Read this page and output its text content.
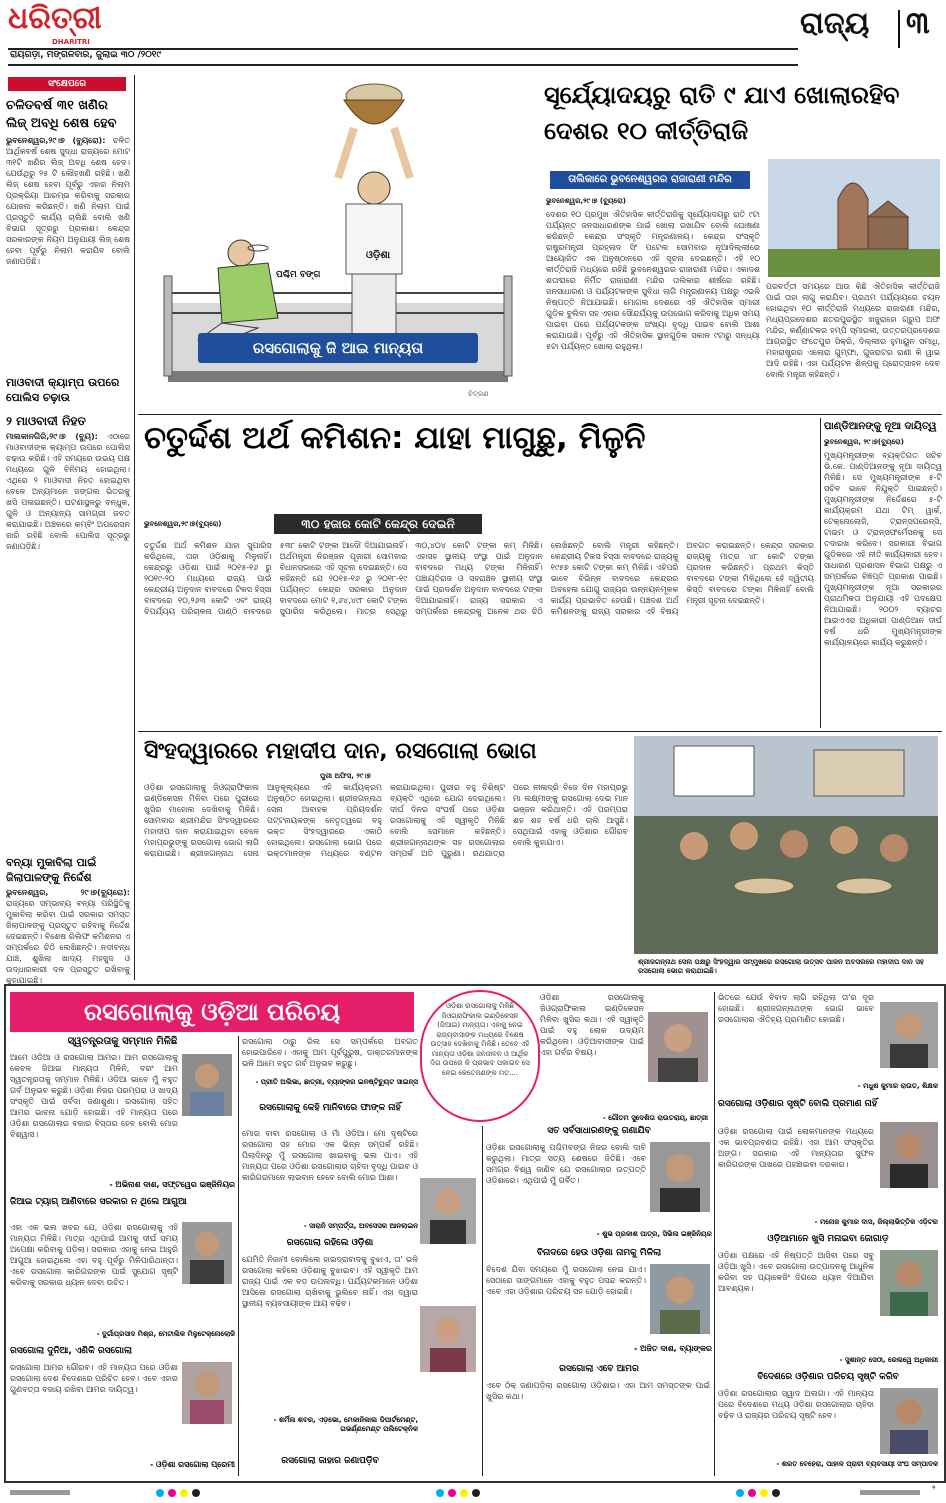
ଧରିତ୍ରୀ
DHARITRI
ରାୟଗଡ଼ା, ମଙ୍ଗଳବାର, ଜୁଲାଇ ୩୦ /୨୦୧୯
ରାଜ୍ୟ ୩
ସଂକ୍ଷେପରେ
ଚଳିତବର୍ଷ ୩୧ ଖଣିର ଲିଜ୍ ଅବଧି ଶେଷ ହେବ
ଭୁବନେଶ୍ୱର,୨୯।୭ (ବ୍ୟୁରୋ): ଚଳିତ ଆର୍ଥିକବର୍ଷ ଶେଷ ସୁଦ୍ଧା ରାଜ୍ୟରେ ମୋଟ ୩୧ଟି ଖଣିର ଲିଜ୍ ଅବଧି ଶେଷ ହେବ। ଯେଉଁଥିରୁ ୨୫ ଟି ଲୌହଖଣି ରହିଛି। ଖଣି ଲିଜ୍ ଶେଷ ହେବା ପୂର୍ବରୁ ଏହାର ନିଲାମ ପ୍ରକ୍ରିୟା ଆରମ୍ଭ କରିବାକୁ ସରକାର ଯୋଜନା କରିଛନ୍ତି। ଖଣି ନିଲାମ ପାଇଁ ପ୍ରସ୍ତୁତି କାର୍ଯ୍ୟ ଚାଲିଛି ବୋଲି ଖଣି ବିଭାଗ ସୂତ୍ରରୁ ପ୍ରକାଶ। କେନ୍ଦ୍ର ସରକାରଙ୍କ ନିୟମ ଅନୁଯାୟୀ ଲିଜ୍ ଶେଷ ହେବା ପୂର୍ବରୁ ନିଲାମ କରାଯିବ ବୋଲି ଜଣାପଡ଼ିଛି।
ମାଓବାଦୀ କ୍ୟାମ୍ପ ଉପରେ ପୋଲିସ ଚଢ଼ାଉ
୨ ମାଓବାଦୀ ନିହତ
ମାଲକାନଗିରି,୨୯।୭ (ବ୍ୟୁ): ଏଠାରେ ମାଓବାଦୀଙ୍କ କ୍ୟାମ୍ପ ଉପରେ ପୋଲିସ ଚଢ଼ାଉ କରିଛି। ଏହି ସମୟରେ ଉଭୟ ପକ୍ଷ ମଧ୍ୟରେ ଗୁଳି ବିନିମୟ ହୋଇଥିଲା। ଏଥିରେ ୨ ମାଓବାଦୀ ନିହତ ହୋଇଥିବା ବେଳେ ଅନ୍ୟମାନେ ଜଙ୍ଗଲ ଭିତରକୁ ଖସି ପଳାଇଛନ୍ତି। ଘଟଣାସ୍ଥଳରୁ ବନ୍ଧୁକ, ଗୁଳି ଓ ଅନ୍ୟାନ୍ୟ ସାମଗ୍ରୀ ଜବତ କରାଯାଇଛି। ଅଞ୍ଚଳରେ କମ୍ବିଂ ଅପରେସନ ଜାରି ରହିଛି ବୋଲି ପୋଲିସ ସୂତ୍ରରୁ ଜଣାପଡ଼ିଛି।
ବନ୍ୟା ମୁକାବିଲା ପାଇଁ ଜିଲାପାଳଙ୍କୁ ନିର୍ଦ୍ଦେଶ
ଭୁବନେଶ୍ୱର, ୨୯।୭(ବ୍ୟୁରୋ): ରାଜ୍ୟରେ ସମ୍ଭାବ୍ୟ ବନ୍ୟା ପରିସ୍ଥିତିକୁ ମୁକାବିଲା କରିବା ପାଇଁ ସରକାର ସମସ୍ତ ଜିଲାପାଳଙ୍କୁ ପ୍ରସ୍ତୁତ ରହିବାକୁ ନିର୍ଦ୍ଦେଶ ଦେଇଛନ୍ତି। ବିଶେଷ ରିଲିଫ କମିଶନର ଏ ସମ୍ପର୍କରେ ଚିଠି ଲେଖିଛନ୍ତି। ନଦୀବନ୍ଧ ଯାଞ୍ଚ, ଶୁଖିଲା ଖାଦ୍ୟ ମହଜୁଦ ଓ ଉଦ୍ଧାରକାରୀ ଦଳ ପ୍ରସ୍ତୁତ ରଖିବାକୁ କୁହାଯାଇଛି।
ଓଡ଼ିଶା
ପଶ୍ଚିମ ବଙ୍ଗ
ରସଗୋଲାକୁ ଜି ଆଇ ମାନ୍ୟତା
ଚିତ୍ରଣ
ସୂର୍ଯ୍ୟୋଦୟରୁ ରାତି ୯ ଯାଏ ଖୋଲାରହିବ ଦେଶର ୧୦ କୀର୍ତ୍ତିରାଜି
ତାଲିକାରେ ଭୁବନେଶ୍ୱରର ରାଜାରାଣୀ ମନ୍ଦିର
ଭୁବନେଶ୍ୱର,୨୯।୭ (ବ୍ୟୁରୋ)
ଦେଶର ୧୦ ପ୍ରମୁଖ ଐତିହାସିକ କୀର୍ତ୍ତିରାଜିକୁ ସୂର୍ଯ୍ୟୋଦୟରୁ ରାତି ୯ଟା ପର୍ଯ୍ୟନ୍ତ ଜନସାଧାରଣଙ୍କ ପାଇଁ ଖୋଲା ରଖାଯିବ ବୋଲି ଘୋଷଣା କରିଛନ୍ତି କେନ୍ଦ୍ର ସଂସ୍କୃତି ମନ୍ତ୍ରଣାଳୟ। କେନ୍ଦ୍ର ସଂସ୍କୃତି ରାଷ୍ଟ୍ରମନ୍ତ୍ରୀ ପ୍ରହ୍ଲାଦ ସିଂ ପଟେଲ ସୋମବାର ନୂଆଦିଲ୍ଲୀରେ ଆୟୋଜିତ ଏକ ଅନୁଷ୍ଠାନରେ ଏହି ସୂଚନା ଦେଇଛନ୍ତି। ଏହି ୧୦ କୀର୍ତ୍ତିରାଜି ମଧ୍ୟରେ ରହିଛି ଭୁବନେଶ୍ୱରର ରାଜାରାଣୀ ମନ୍ଦିର। ଏକାଦଶ ଶତାବ୍ଦୀରେ ନିର୍ମିତ ରାଜାରାଣୀ ମନ୍ଦିର ତାଲିକାର ଶୀର୍ଷରେ ରହିଛି। ଜନସାଧାରଣ ଓ ପର୍ଯ୍ୟଟକଙ୍କ ସୁବିଧା ଲାଗି ମନ୍ତ୍ରଣାଳୟ ପକ୍ଷରୁ ଏଭଳି ନିଷ୍ପତ୍ତି ନିଆଯାଇଛି। ମୋଗଲ ଦେଶରେ ଏହି ଐତିହାସିକ ସ୍ମାରୀ ଗୁଡ଼ିକ ବୁଲିବା ସହ ଏହାର ସୌନ୍ଦର୍ଯ୍ୟକୁ ଉପଭୋଗ କରିବାକୁ ଅଧିକ ସମୟ ପାଇବା ପରେ ପର୍ଯ୍ୟଟକଙ୍କ ସଂଖ୍ୟା ବୃଦ୍ଧି ପାଇବ ବୋଲି ଆଶା କରାଯାଉଛି। ପୂର୍ବରୁ ଏହି ଐତିହାସିକ ସ୍ଥାନଗୁଡ଼ିକ ସକାଳ ୯ଟାରୁ ସନ୍ଧ୍ୟା ୫ଟା ପର୍ଯ୍ୟନ୍ତ ଖୋଲା ରହୁଥିଲା।
ପରବର୍ତ୍ତୀ ସମୟରେ ଆଉ କିଛି ଐତିହାସିକ କୀର୍ତ୍ତିରାଜି ପାଇଁ ତାହା ଲାଗୁ କରାଯିବ। ପ୍ରଥମ ପର୍ଯ୍ୟାୟରେ ଚୟନ ହୋଇଥିବା ୧୦ କୀର୍ତ୍ତିରାଜି ମଧ୍ୟରେ ରାଜାରାଣୀ ମନ୍ଦିର, ମଧ୍ୟପ୍ରଦେଶର ଛତରପୁରସ୍ଥିତ ଖଜୁରାହୋ ଗ୍ରୁପ ଅଫ ମନ୍ଦିର, କର୍ଣ୍ଣାଟକର ହମ୍ପି ସ୍ମାରକୀ, ଉତ୍ତରପ୍ରଦେଶର ଆଗ୍ରାସ୍ଥିତ ଫତେପୁର ସିକ୍ରି, ଦିଲ୍ଲୀର ହୁମାୟୁନ ସମାଧି, ମହାରାଷ୍ଟ୍ରର ଏଲୋରା ଗୁମ୍ଫା, ଗୁଜରାଟର ରାଣୀ କି ୱାଭ ଆଦି ରହିଛି। ଏହା ପର୍ଯ୍ୟଟନ ଶିଳ୍ପକୁ ପ୍ରୋତ୍ସାହନ ଦେବ ବୋଲି ମନ୍ତ୍ରୀ କହିଛନ୍ତି।
ଚତୁର୍ଦ୍ଦଶ ଅର୍ଥ କମିଶନ: ଯାହା ମାଗୁଛୁ, ମିଳୁନି
ଭୁବନେଶ୍ୱର,୨୯।୭(ବ୍ୟୁରୋ)	୩୦ ହଜାର କୋଟି କେନ୍ଦ୍ର ଦେଇନି
ଚତୁର୍ଦ୍ଦଶ ଅର୍ଥ କମିଶନ ଯାହା ସୁପାରିସ କରିଥିଲେ, ତାହା ଓଡ଼ିଶାକୁ ମିଳୁନାହିଁ। କେନ୍ଦ୍ରରୁ ଓଡ଼ିଶା ପାଇଁ ୨୦୧୫-୧୬ ରୁ ୨୦୧୯-୨୦ ମଧ୍ୟରେ ରାଜ୍ୟ ପାଇଁ କେନ୍ଦ୍ରୀୟ ଅନୁଦାନ ବାବଦରେ ଟିକସ ହିସ୍ସା ବାବଦରେ ୧୦,୨୬୩ କୋଟି ଏବଂ ରାଜ୍ୟ ବିପର୍ଯ୍ୟୟ ପରିଚାଳନା ପାଣ୍ଠି ବାବଦରେ ୫୩୮ କୋଟି ଟଙ୍କା ଆଦୌ ଦିଆଯାଇନାହିଁ। ଅର୍ଥମନ୍ତ୍ରୀ ନିରଞ୍ଜନ ପୂଜାରୀ ସୋମବାର ବିଧାନସଭାରେ ଏହି ସୂଚନା ଦେଇଛନ୍ତି। ସେ କହିଛନ୍ତି ଯେ ୨୦୧୫-୧୬ ରୁ ୨୦୧୮-୧୯ ପର୍ଯ୍ୟନ୍ତ କେନ୍ଦ୍ର ସରକାର ଅନୁଦାନ ବାବଦରେ ମୋଟ ୧,୬୪,୪୯୮ କୋଟି ଟଙ୍କା ସୁପାରିସ କରିଥିଲେ। ମାତ୍ର ସେଥିରୁ ୩୦,୪୦୪ କୋଟି ଟଙ୍କା କମ୍ ମିଳିଛି। ଏହାସହ ସ୍ଥାନୀୟ ସଂସ୍ଥା ପାଇଁ ଅନୁଦାନ ବାବଦରେ ମଧ୍ୟ ଟଙ୍କା ମିଳିନାହିଁ। ପଞ୍ଚାୟତିରାଜ ଓ ସହରାଞ୍ଚଳ ସ୍ଥାନୀୟ ସଂସ୍ଥା ପାଇଁ ପ୍ରଦର୍ଶନ ଅନୁଦାନ ବାବଦରେ ଟଙ୍କା ଦିଆଯାଇନାହିଁ। ରାଜ୍ୟ ସରକାର ଏ ସମ୍ପର୍କରେ କେନ୍ଦ୍ରକୁ ଅନେକ ଥର ଚିଠି ଲେଖିଛନ୍ତି ବୋଲି ମନ୍ତ୍ରୀ କହିଛନ୍ତି। କେନ୍ଦ୍ରୀୟ ଟିକସ ହିସ୍ସା ବାବଦରେ ରାଜ୍ୟକୁ ୧୯୫୭ କୋଟି ଟଙ୍କା କମ୍ ମିଳିଛି। ଏହିପରି ଭାବେ ବିଭିନ୍ନ ବାବଦରେ କେନ୍ଦ୍ରର ଅବହେଳା ଯୋଗୁ ରାଜ୍ୟର ଉନ୍ନୟନମୂଳକ କାର୍ଯ୍ୟ ପ୍ରଭାବିତ ହେଉଛି। ପଞ୍ଚଦଶ ଅର୍ଥ କମିଶନଙ୍କୁ ରାଜ୍ୟ ସରକାର ଏହି ବିଷୟ ଅବଗତ କରାଇଛନ୍ତି। କେନ୍ଦ୍ର ସରକାର ରାଜ୍ୟକୁ ମାତ୍ର ୪୮ କୋଟି ଟଙ୍କା ପ୍ରଦାନ କରିଛନ୍ତି। ପ୍ରଥମ କିସ୍ତି ବାବଦରେ ଟଙ୍କା ମିଳିଥିଲେ ହେଁ ଦ୍ୱିତୀୟ କିସ୍ତି ବାବଦରେ ଟଙ୍କା ମିଳିନାହିଁ ବୋଲି ମନ୍ତ୍ରୀ ସୂଚନା ଦେଇଛନ୍ତି।
ପାଣ୍ଡିଆନଙ୍କୁ ନୂଆ ଦାୟିତ୍ୱ
ଭୁବନେଶ୍ୱର, ୨୯।୭(ବ୍ୟୁରୋ)
ମୁଖ୍ୟମନ୍ତ୍ରୀଙ୍କ ବ୍ୟକ୍ତିଗତ ସଚିବ ଭି.କେ. ପାଣ୍ଡିଆନଙ୍କୁ ନୂଆ ଦାୟିତ୍ୱ ମିଳିଛି। ସେ ମୁଖ୍ୟମନ୍ତ୍ରୀଙ୍କ ୫-ଟି ସଚିବ ଭାବେ ନିଯୁକ୍ତି ପାଇଛନ୍ତି। ମୁଖ୍ୟମନ୍ତ୍ରୀଙ୍କ ନିର୍ଦ୍ଦେଶରେ ୫-ଟି କାର୍ଯ୍ୟକ୍ରମ ଯଥା ଟିମ୍ ୱାର୍କ, ଟେକ୍ନୋଲୋଜି, ଟ୍ରାନ୍ସପରେନ୍ସି, ଟାଇମ ଓ ଟ୍ରାନ୍ସଫର୍ମେସନକୁ ସେ ତଦାରଖ କରିବେ। ସରକାରୀ ବିଭାଗ ଗୁଡ଼ିକରେ ଏହି ନୀତି କାର୍ଯ୍ୟକାରୀ ହେବ। ସାଧାରଣ ପ୍ରଶାସନ ବିଭାଗ ପକ୍ଷରୁ ଏ ସମ୍ପର୍କରେ ବିଜ୍ଞପ୍ତି ପ୍ରକାଶ ପାଇଛି। ମୁଖ୍ୟମନ୍ତ୍ରୀଙ୍କ ନୂଆ ସରକାରର ପ୍ରାଥମିକତା ଅନୁଯାୟୀ ଏହି ପଦକ୍ଷେପ ନିଆଯାଇଛି। ୨୦୦୨ ବ୍ୟାଚର ଆଇଏଏସ ଅଧିକାରୀ ପାଣ୍ଡିଆନ ଦୀର୍ଘ ବର୍ଷ ଧରି ମୁଖ୍ୟମନ୍ତ୍ରୀଙ୍କ କାର୍ଯ୍ୟାଳୟରେ କାର୍ଯ୍ୟ କରୁଛନ୍ତି।
ସିଂହଦ୍ୱାରରେ ମହାଦୀପ ଦାନ, ରସଗୋଲା ଭୋଗ
ପୁରୀ ଅଫିସ, ୨୯।୭
ଓଡ଼ିଶା ରସଗୋଲାକୁ ଜିଓଗ୍ରାଫିକାଲ ଇଣ୍ଡିକେସନ ମିଳିବା ପରେ ପୁରୀରେ ଖୁସିର ମାହୋଲ ଦେଖିବାକୁ ମିଳିଛି। ସୋମବାର ଶ୍ରୀମନ୍ଦିର ସିଂହଦ୍ୱାରରେ ମହାଦୀପ ଦାନ କରାଯାଇଥିବା ବେଳେ ମହାପ୍ରଭୁଙ୍କୁ ରସଗୋଲା ଭୋଗ ଲାଗି କରାଯାଇଛି। ଶ୍ରୀଜଗନ୍ନାଥ ସେନା ଆନୁକୂଲ୍ୟରେ ଏହି କାର୍ଯ୍ୟକ୍ରମ ଅନୁଷ୍ଠିତ ହୋଇଥିଲା। ଶ୍ରୀଜଗନ୍ନାଥ ସେନା ଆବାହକ ପ୍ରିୟଦର୍ଶନ ପଟ୍ଟନାୟକଙ୍କ ନେତୃତ୍ୱରେ ବହୁ ଭକ୍ତ ସିଂହଦ୍ୱାରରେ ଏକାଠି ହୋଇଥିଲେ। ରସଗୋଲା ଭୋଗ ପରେ ଭକ୍ତମାନଙ୍କ ମଧ୍ୟରେ ବଣ୍ଟନ କରାଯାଇଥିଲା। ପୁରୀର ବହୁ ବିଶିଷ୍ଟ ବ୍ୟକ୍ତି ଏଥିରେ ଯୋଗ ଦେଇଥିଲେ। ଦୀର୍ଘ ଦିନର ସଂଘର୍ଷ ପରେ ଓଡ଼ିଶା ରସଗୋଲାକୁ ଏହି ସ୍ୱୀକୃତି ମିଳିଛି ବୋଲି ସେମାନେ କହିଛନ୍ତି। ଶ୍ରୀଜଗନ୍ନାଥଙ୍କ ସହ ରସଗୋଲାର ସମ୍ପର୍କ ଅତି ପୁରୁଣା। ରଥଯାତ୍ରା ପରେ ନୀଳାଦ୍ରି ବିଜେ ଦିନ ମହାପ୍ରଭୁ ମା ଲକ୍ଷ୍ମୀଙ୍କୁ ରସଗୋଲା ଦେଇ ମାନ ଭଞ୍ଜନ କରିଥାନ୍ତି। ଏହି ପରମ୍ପରା ଶହ ଶହ ବର୍ଷ ଧରି ଚାଲି ଆସୁଛି। ସେଥିପାଇଁ ଏହାକୁ ଓଡ଼ିଶାର ଗୌରବ ବୋଲି କୁହାଯାଏ।
ଶ୍ରୀଜଗନ୍ନାଥ ସେନା ପକ୍ଷରୁ ସିଂହଦ୍ୱାର ସମ୍ମୁଖରେ ରସଗୋଲା ଉତ୍ସବ ପାଳନ ଅବସରରେ ମହାଦୀପ ଦାନ ସହ ରସଗୋଲା ଭୋଗ କରାଯାଇଛି।
ରସଗୋଲାକୁ ଓଡ଼ିଆ ପରିଚୟ	ଓଡ଼ିଶା ରସଗୋଲାକୁ ମିଳିଛି ଜିଓଗ୍ରାଫିକାଲ ଇଣ୍ଡିକେସନ (ଜିଆଇ) ମାନ୍ୟତା। ଏହାକୁ ନେଇ ରାଜ୍ୟବାସୀଙ୍କ ମଧ୍ୟରେ ବିଶେଷ ଉତ୍ସାହ ଦେଖିବାକୁ ମିଳିଛି। ତେବେ ଏହି ମାନ୍ୟତା ଓଡ଼ିଶା ଜନଜୀବନ ଓ ଆର୍ଥିକ ଦିଗ ଉପରେ କି ପ୍ରଭାବ ପକାଇବ ସେ ନେଇ କେତେଜଣଙ୍କ ମତ....
ସ୍ୱତନ୍ତ୍ରତାକୁ ସମ୍ମାନ ମିଳିଛି
ଆମେ ଓଡ଼ିଆ ଓ ରସଗୋଲା ଆମର। ଆମ ରସଗୋଲାକୁ କେବଳ ଜିଆଇ ମାନ୍ୟତା ମିଳିନି, ବରଂ ଆମ ସ୍ୱତନ୍ତ୍ରତାକୁ ସମ୍ମାନ ମିଳିଛି। ଓଡ଼ିଆ ଭାବେ ମୁଁ ବହୁତ ଗର୍ବ ଅନୁଭବ କରୁଛି। ଓଡ଼ିଶା ନିଜର ପରମ୍ପରା ଓ ଖାଦ୍ୟ ସଂସ୍କୃତି ପାଇଁ ସର୍ବଦା ଜଣାଶୁଣା। ରସଗୋଲା ସହିତ ଆମର ଭାବନା ଯୋଡ଼ି ହୋଇଛି। ଏହି ମାନ୍ୟତା ପରେ ଓଡ଼ିଶା ରସଗୋଲାର ବଜାର ବିସ୍ତାର ହେବ ବୋଲି ମୋର ବିଶ୍ୱାସ।
- ଅଭିନାଶ ଦାଶ, ସଫ୍ଟୱେର ଇଞ୍ଜିନିୟର
ଜିଆଇ ଟ୍ୟାଗ୍ ଆଣିବାରେ ସରକାର ନ ଥିଲେ ଆଗୁଆ
ଏହା ଏକ ଭଲ ଖବର ଯେ, ଓଡ଼ିଶା ରସଗୋଲାକୁ ଏହି ମାନ୍ୟତା ମିଳିଛି। ମାତ୍ର ଏଥିପାଇଁ ଆମକୁ ଦୀର୍ଘ ସମୟ ଅପେକ୍ଷା କରିବାକୁ ପଡ଼ିଲା। ସରକାର ଏହାକୁ ନେଇ ଆହୁରି ଆଗୁଆ ହୋଇଥିଲେ ଏହା ବହୁ ପୂର୍ବରୁ ମିଳିପାରିଥାନ୍ତା। ଏବେ ରସଗୋଲା କାରିଗରଙ୍କ ପାଇଁ ସୁଯୋଗ ସୃଷ୍ଟି କରିବାକୁ ସରକାର ଧ୍ୟାନ ଦେବା ଉଚିତ।
- ଦୁର୍ଗାପ୍ରସାଦ ମିଶ୍ର, ମେଟାଲିକ ମିଳୁଟେକ୍ନୋଲୋଜି
ରସଗୋଲା ଦୁନିଆ, ଏଣିକି ରସଗୋଲା
ରସଗୋଲା ଆମର ଗୌରବ। ଏହି ମାନ୍ୟତା ପରେ ଓଡ଼ିଶା ରସଗୋଲା ଦେଶ ବିଦେଶରେ ପରିଚିତ ହେବ। ଏବେ ଏହାର ଗୁଣବତ୍ତା ବଜାୟ ରଖିବା ଆମର ଦାୟିତ୍ୱ।
- ଓଡ଼ିଶା ରସଗୋଲା ପ୍ରେମୀ
ରସଗୋଲା ଠାରୁ ରିଲ ସେ ସମ୍ପର୍କରେ ଅବଗତ ହୋଇପାରିବେ। ଏହାକୁ ଆମ ପୂର୍ବପୁରୁଷ, ଡାକ୍ତରମାନଙ୍କ ଭଳି ଆମେ ବହୁତ ଗର୍ବ ଅନୁଭବ କରୁଛୁ।
- ପ୍ରୀତି ଅଲିଭା, ଛାତ୍ରୀ, ବ୍ୟାଙ୍କର ଇନଷ୍ଟିଚ୍ୟୁଟ ସାଇନ୍ସ
ରସଗୋଲାକୁ କେହି ମାନିବାରେ ଫାଙ୍କ ନାହିଁ
ମୋର ବାବା ରସଗୋଲା ଓ ମାଁ ଓଡ଼ିଆ। ମୋ ଦୃଷ୍ଟିରେ ରସଗୋଲା ସହ ମୋର ଏକ ଭିନ୍ନ ସମ୍ପର୍କ ରହିଛି। ପିଲାଦିନରୁ ମୁଁ ରସଗୋଲା ଖାଇବାକୁ ଭଲ ପାଏ। ଏହି ମାନ୍ୟତା ପରେ ଓଡ଼ିଶା ରସଗୋଲାର ଚାହିଦା ବୃଦ୍ଧି ପାଇବ ଓ କାରିଗରମାନେ ଲାଭବାନ ହେବେ ବୋଲି ମୋର ଆଶା।
- ସାରାନି ସମ୍ପର୍ତ୍ତା, ଅବସେସର ଆନଲାଇନ
ରସଗୋଲା ରହିଲେ ଓଡ଼ିଶା
ଯେମିତି ନିଜାମୀ ବୋଲିଲେ ହାଇଦ୍ରାବାଦକୁ ବୁଝାଏ, ତା' ଭଳି ରସଗୋଲା କହିଲେ ଓଡ଼ିଶାକୁ ବୁଝାଇବ। ଏହି ସ୍ୱୀକୃତି ଆମ ରାଜ୍ୟ ପାଇଁ ଏକ ବଡ଼ ଉପଲବ୍ଧି। ପର୍ଯ୍ୟଟକମାନେ ଓଡ଼ିଶା ଆସିଲେ ରସଗୋଲା ଚାଖିବାକୁ ଭୁଲିବେ ନାହିଁ। ଏହା ଦ୍ୱାରା ସ୍ଥାନୀୟ ବ୍ୟବସାୟୀଙ୍କ ଆୟ ବଢ଼ିବ।
- ଶର୍ମିଳା ଶବର, ଏଡ଼ଭୋ, ମେକାନିକାଲ ଡିପାର୍ଟମେଣ୍ଟ, ଗଭର୍ଣ୍ଣମେଣ୍ଟ ପଲିଟେକ୍ନିକ
ରସଗୋଲା ଜାହାର ଜଣାପଡ଼ିବ
ଓଡ଼ିଶା ରସଗୋଲାକୁ ଜିଓଗ୍ରାଫିକାଲ ଇଣ୍ଡିକେସନ ମିଳିବା ଖୁସିର କଥା। ଏହି ସ୍ୱୀକୃତି ପାଇଁ ବହୁ ଲୋକ ଉଦ୍ୟମ କରିଥିଲେ। ଓଡ଼ିଆବାସୀଙ୍କ ପାଇଁ ଏହା ଗର୍ବର ବିଷୟ।
- ଗୌତମ ସୁଦେଶିତା ରାଉତରାୟ, ଛାତ୍ରୀ
ସତ ସର୍ବସାଧାରଣଙ୍କୁ ଗଣାଯିବ
ଓଡ଼ିଶା ରସଗୋଲାକୁ ପଶ୍ଚିମବଙ୍ଗ ନିଜର ବୋଲି ଦାବି କରୁଥିଲା। ମାତ୍ର ସତ୍ୟ ଶେଷରେ ଜିତିଛି। ଏବେ ସମଗ୍ର ବିଶ୍ୱ ଜାଣିବ ଯେ ରସଗୋଲାର ଉତ୍ପତ୍ତି ଓଡ଼ିଶାରେ। ଏଥିପାଇଁ ମୁଁ ଗର୍ବିତ।
- ଶୁଭ ପ୍ରକାଶ ପାତ୍ର, ସିଭିଲ ଇଞ୍ଜିନିୟର
ବିନାଦରେ ହେଉ ଓଡ଼ିଶା ନାମକୁ ମିଳିଲା
ବିଦେଶ ଯିବା ସମୟରେ ମୁଁ ରସଗୋଲା ନେଇ ଯାଏ। ସେଠାରେ ସାଙ୍ଗମାନେ ଏହାକୁ ବହୁତ ପସନ୍ଦ କରନ୍ତି। ଏବେ ଏହା ଓଡ଼ିଶାର ପରିଚୟ ସହ ଯୋଡ଼ି ହୋଇଛି।
- ଅଜିତ ଦାଶ, ବ୍ୟାଙ୍କର
ରସଗୋଲା ଏବେ ଆମର
ଏବେ ଠିକ୍ ଜଣାପଡ଼ିଲା ରସଗୋଲା ଓଡ଼ିଶାର। ଏହା ଆମ ସମସ୍ତଙ୍କ ପାଇଁ ଖୁସିର କଥା।
ଭିତରେ ଯେଉଁ ବିବାଦ ଲାଗି ରହିଥିଲା ତା'ର ଦୂର ହୋଇଛି। ଶ୍ରୀଜଗନ୍ନାଥଙ୍କ ଭୋଗ ଭାବେ ରସଗୋଲାର ଐତିହ୍ୟ ପ୍ରମାଣିତ ହୋଇଛି।
- ମଧୁଶ କୁମାର ରାଉତ, ଶିକ୍ଷକ
ରସଗୋଲା ଓଡ଼ିଶାର ସୃଷ୍ଟି ବୋଲି ପ୍ରମାଣ ନାହିଁ
ଓଡ଼ିଶା ରସଗୋଲା ପାଇଁ ଲୋକମାନଙ୍କ ମଧ୍ୟରେ ଏକ ଭାବପ୍ରବଣତା ରହିଛି। ଏହା ଆମ ସଂସ୍କୃତିର ଅଙ୍ଗ। ସରକାର ଏହି ମାନ୍ୟତାର ସୁଫଳ କାରିଗରଙ୍କ ପାଖରେ ପହଞ୍ଚାଇବା ଦରକାର।
- ମନୋଜ କୁମାର ଦାସ, ଜିଲ୍ଲାଭିତ୍ତିକ ଏଡ଼ିଟର
ଓଡ଼ିଆମାନେ ଖୁସି ମନାଇବା ଜୋଗାଡ଼
ଓଡ଼ିଶା ପକ୍ଷରେ ଏହି ନିଷ୍ପତ୍ତି ଆସିବା ପରେ ସବୁ ଓଡ଼ିଆ ଖୁସି। ଏବେ ରସଗୋଲା ଉତ୍ପାଦନକୁ ଆଧୁନିକ କରିବା ସହ ପ୍ୟାକେଜିଂ ଦିଗରେ ଧ୍ୟାନ ଦିଆଯିବା ଆବଶ୍ୟକ।
- ସୁଶାନ୍ତ ସେଠୀ, ରେଲୱେ ଅଧିକାରୀ
ବିଦେଶରେ ଓଡ଼ିଶାର ପରିଚୟ ସୃଷ୍ଟି କରିବ
ଓଡ଼ିଶା ରସଗୋଲାର ସ୍ୱାଦ ଅଲଗା। ଏହି ମାନ୍ୟତା ପରେ ବିଦେଶରେ ମଧ୍ୟ ଓଡ଼ିଶା ରସଗୋଲାର ଚାହିଦା ବଢ଼ିବ ଓ ରାଜ୍ୟର ପରିଚୟ ସୃଷ୍ଟି ହେବ।
- ଶରତ ବେହେରା, ପାହାଳ ପ୍ରାଚୀ ବ୍ୟବସାୟୀ ସଂଘ ସମ୍ପାଦକ
୨
